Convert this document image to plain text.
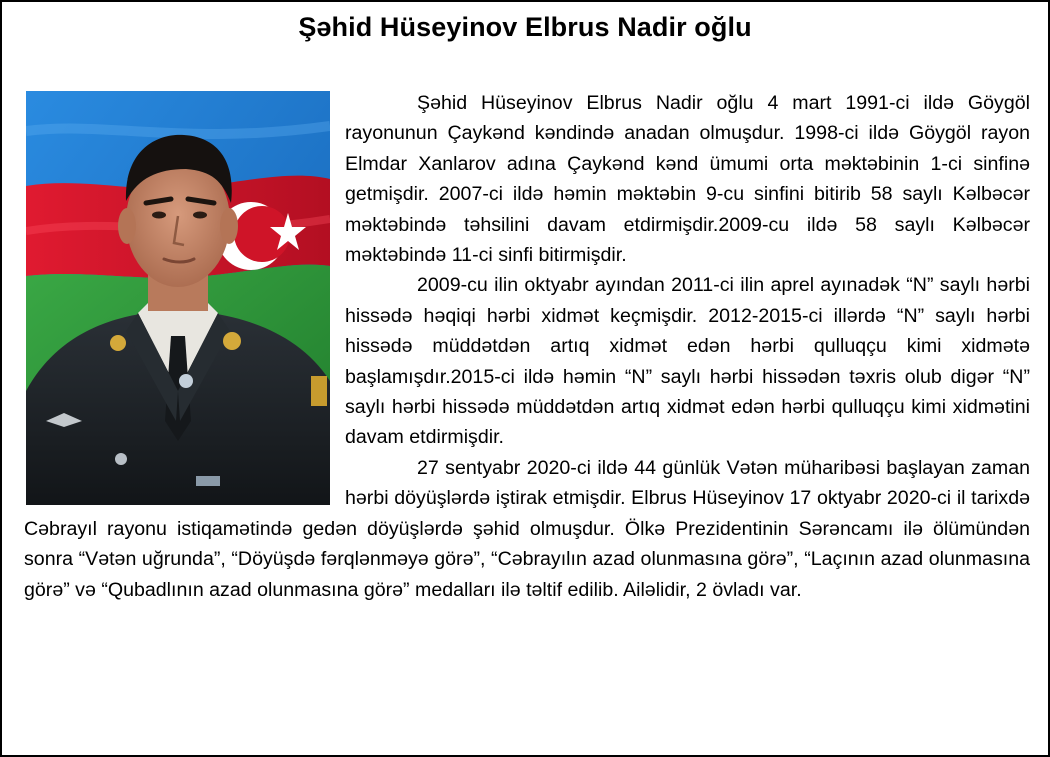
Şəhid Hüseyinov Elbrus Nadir oğlu

Şəhid Hüseyinov Elbrus Nadir oğlu 4 mart 1991-ci ildə Göygöl rayonunun Çaykənd kəndində anadan olmuşdur. 1998-ci ildə Göygöl rayon Elmdar Xanlarov adına Çaykənd kənd ümumi orta məktəbinin 1-ci sinfinə getmişdir. 2007-ci ildə həmin məktəbin 9-cu sinfini bitirib 58 saylı Kəlbəcər məktəbində təhsilini davam etdirmişdir.2009-cu ildə 58 saylı Kəlbəcər məktəbində 11-ci sinfi bitirmişdir.

2009-cu ilin oktyabr ayından 2011-ci ilin aprel ayınadək “N” saylı hərbi hissədə həqiqi hərbi xidmət keçmişdir. 2012-2015-ci illərdə “N” saylı hərbi hissədə müddətdən artıq xidmət edən hərbi qulluqçu kimi xidmətə başlamışdır.2015-ci ildə həmin “N” saylı hərbi hissədən təxris olub digər “N” saylı hərbi hissədə müddətdən artıq xidmət edən hərbi qulluqçu kimi xidmətini davam etdirmişdir.

27 sentyabr 2020-ci ildə 44 günlük Vətən müharibəsi başlayan zaman hərbi döyüşlərdə iştirak etmişdir. Elbrus Hüseyinov 17 oktyabr 2020-ci il tarixdə Cəbrayıl rayonu istiqamətində gedən döyüşlərdə şəhid olmuşdur. Ölkə Prezidentinin Sərəncamı ilə ölümündən sonra “Vətən uğrunda”, “Döyüşdə fərqlənməyə görə”, “Cəbrayılın azad olunmasına görə”, “Laçının azad olunmasına görə” və “Qubadlının azad olunmasına görə” medalları ilə təltif edilib. Ailəlidir, 2 övladı var.
